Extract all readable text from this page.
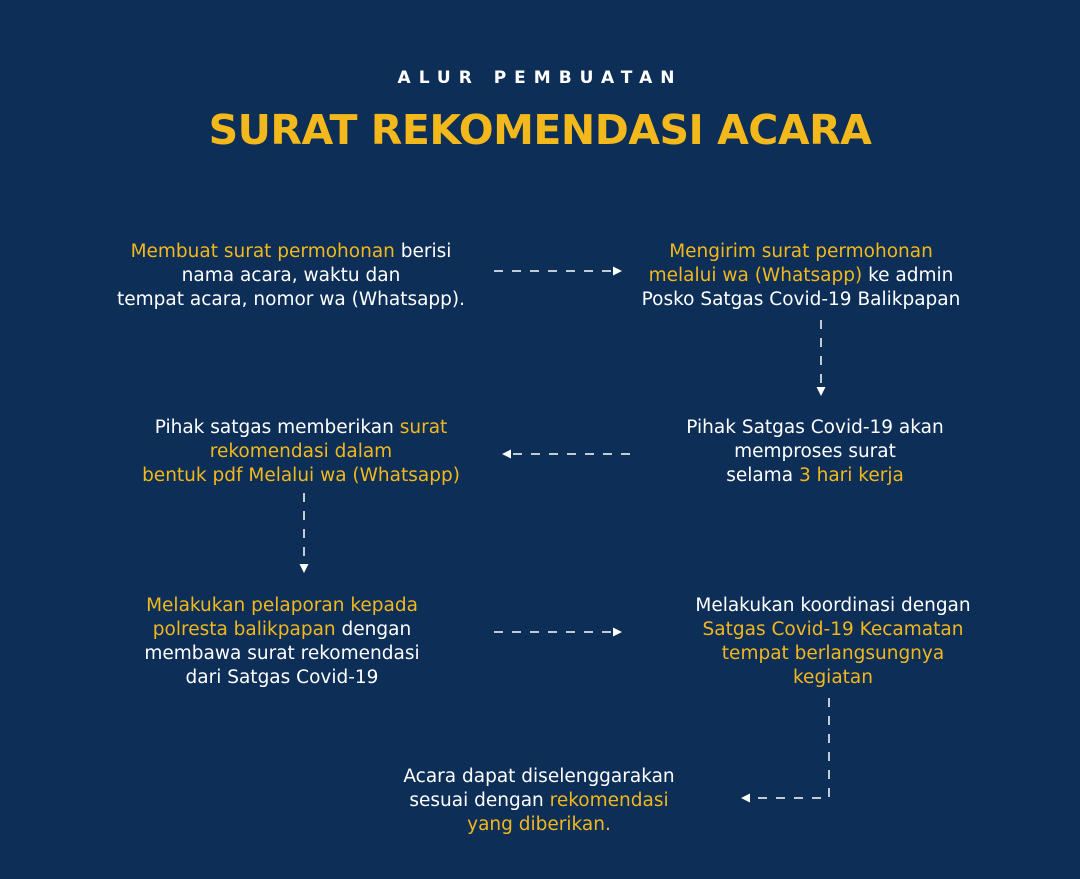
ALUR PEMBUATAN
SURAT REKOMENDASI ACARA
Membuat surat permohonan berisi
nama acara, waktu dan
tempat acara, nomor wa (Whatsapp).
Mengirim surat permohonan
melalui wa (Whatsapp) ke admin
Posko Satgas Covid-19 Balikpapan
Pihak Satgas Covid-19 akan
memproses surat
selama 3 hari kerja
Pihak satgas memberikan surat
rekomendasi dalam
bentuk pdf Melalui wa (Whatsapp)
Melakukan pelaporan kepada
polresta balikpapan dengan
membawa surat rekomendasi
dari Satgas Covid-19
Melakukan koordinasi dengan
Satgas Covid-19 Kecamatan
tempat berlangsungnya
kegiatan
Acara dapat diselenggarakan
sesuai dengan rekomendasi
yang diberikan.
